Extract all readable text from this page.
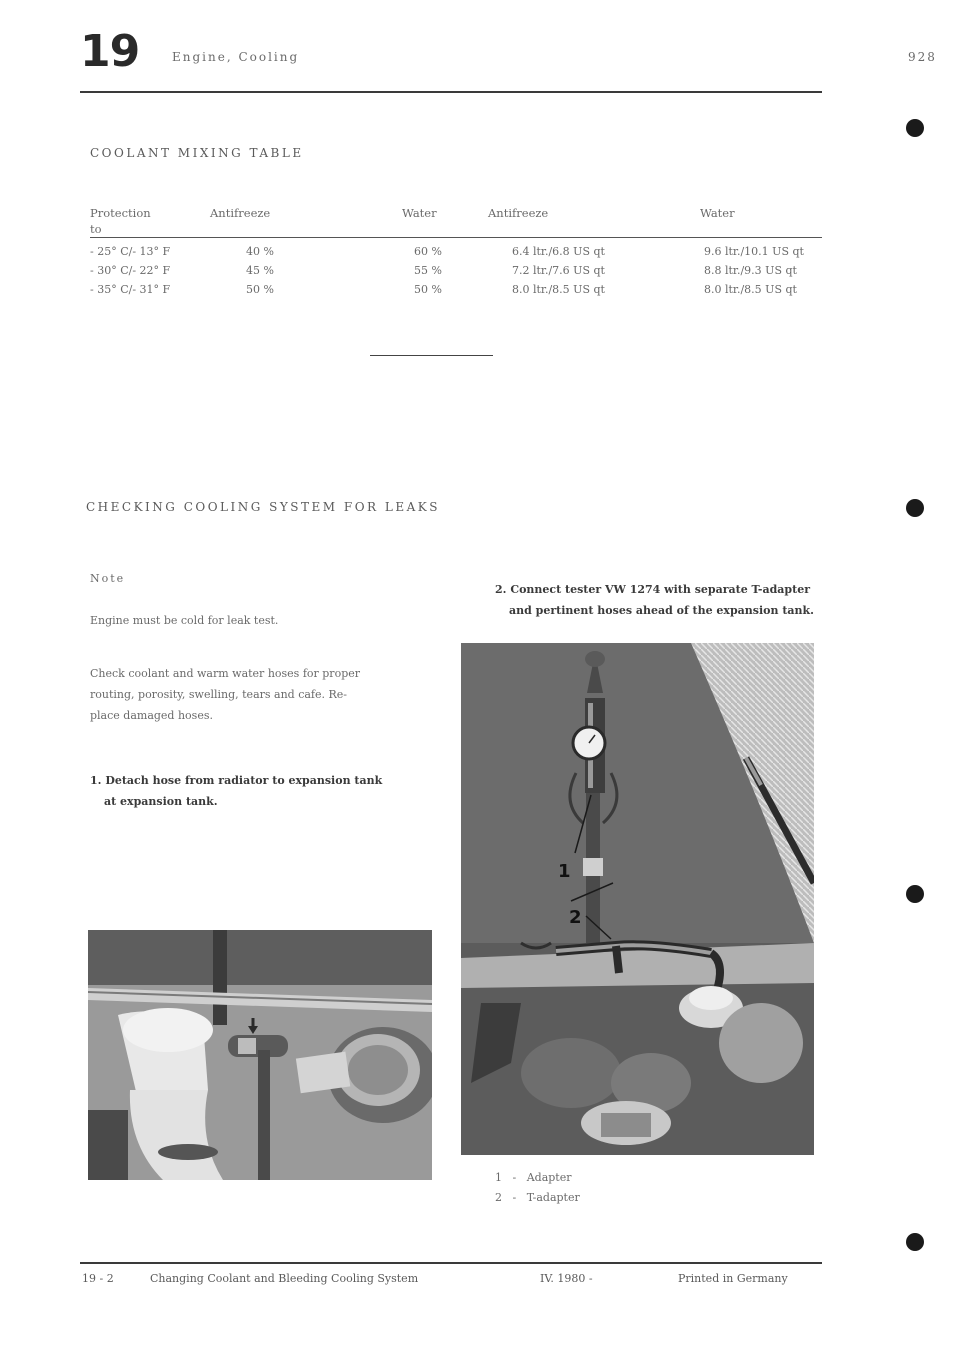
19	Engine, Cooling	928
COOLANT MIXING TABLE
Protection	Antifreeze	Water	Antifreeze	Water
to
- 25° C/- 13° F	40 %	60 %	6.4 ltr./6.8 US qt	9.6 ltr./10.1 US qt
- 30° C/- 22° F	45 %	55 %	7.2 ltr./7.6 US qt	8.8 ltr./9.3 US qt
- 35° C/- 31° F	50 %	50 %	8.0 ltr./8.5 US qt	8.0 ltr./8.5 US qt
CHECKING COOLING SYSTEM FOR LEAKS
Note
Engine must be cold for leak test.
Check coolant and warm water hoses for proper
routing, porosity, swelling, tears and cafe. Re-
place damaged hoses.
1. Detach hose from radiator to expansion tank
at expansion tank.
2. Connect tester VW 1274 with separate T-adapter
and pertinent hoses ahead of the expansion tank.
1
2
1   -   Adapter
2   -   T-adapter
19 - 2	Changing Coolant and Bleeding Cooling System	IV. 1980 -	Printed in Germany
